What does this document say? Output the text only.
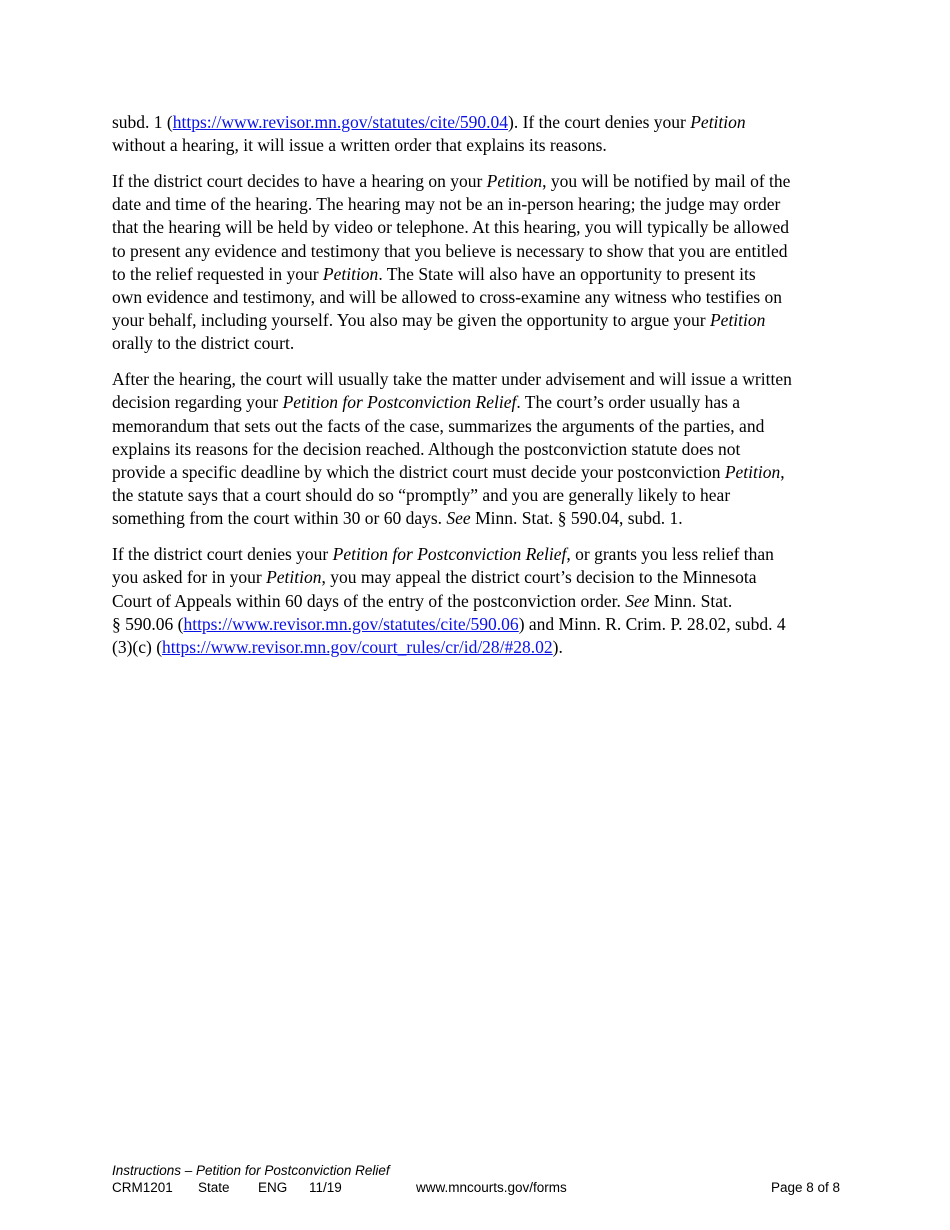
subd. 1 (https://www.revisor.mn.gov/statutes/cite/590.04). If the court denies your Petition
without a hearing, it will issue a written order that explains its reasons.

If the district court decides to have a hearing on your Petition, you will be notified by mail of the
date and time of the hearing. The hearing may not be an in-person hearing; the judge may order
that the hearing will be held by video or telephone. At this hearing, you will typically be allowed
to present any evidence and testimony that you believe is necessary to show that you are entitled
to the relief requested in your Petition. The State will also have an opportunity to present its
own evidence and testimony, and will be allowed to cross-examine any witness who testifies on
your behalf, including yourself. You also may be given the opportunity to argue your Petition
orally to the district court.

After the hearing, the court will usually take the matter under advisement and will issue a written
decision regarding your Petition for Postconviction Relief. The court’s order usually has a
memorandum that sets out the facts of the case, summarizes the arguments of the parties, and
explains its reasons for the decision reached. Although the postconviction statute does not
provide a specific deadline by which the district court must decide your postconviction Petition,
the statute says that a court should do so “promptly” and you are generally likely to hear
something from the court within 30 or 60 days. See Minn. Stat. § 590.04, subd. 1.

If the district court denies your Petition for Postconviction Relief, or grants you less relief than
you asked for in your Petition, you may appeal the district court’s decision to the Minnesota
Court of Appeals within 60 days of the entry of the postconviction order. See Minn. Stat.
§ 590.06 (https://www.revisor.mn.gov/statutes/cite/590.06) and Minn. R. Crim. P. 28.02, subd. 4
(3)(c) (https://www.revisor.mn.gov/court_rules/cr/id/28/#28.02).

Instructions – Petition for Postconviction Relief
CRM1201 State ENG 11/19	www.mncourts.gov/forms	Page 8 of 8
